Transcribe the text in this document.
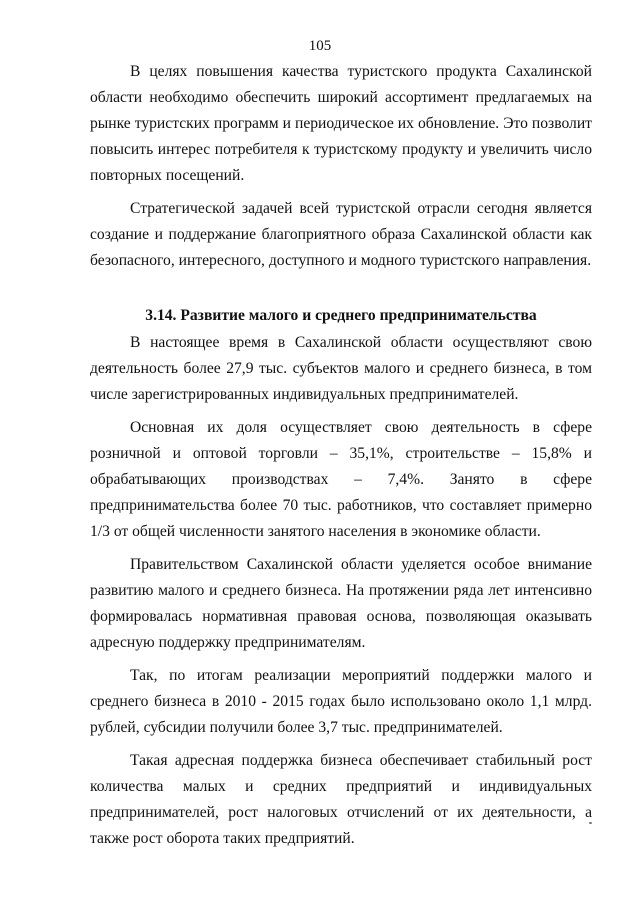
105

В целях повышения качества туристского продукта Сахалинской области необходимо обеспечить широкий ассортимент предлагаемых на рынке туристских программ и периодическое их обновление. Это позволит повысить интерес потребителя к туристскому продукту и увеличить число повторных посещений.

Стратегической задачей всей туристской отрасли сегодня является создание и поддержание благоприятного образа Сахалинской области как безопасного, интересного, доступного и модного туристского направления.

3.14. Развитие малого и среднего предпринимательства

В настоящее время в Сахалинской области осуществляют свою деятельность более 27,9 тыс. субъектов малого и среднего бизнеса, в том числе зарегистрированных индивидуальных предпринимателей.

Основная их доля осуществляет свою деятельность в сфере розничной и оптовой торговли – 35,1%, строительстве – 15,8% и обрабатывающих производствах – 7,4%. Занято в сфере предпринимательства более 70 тыс. работников, что составляет примерно 1/3 от общей численности занятого населения в экономике области.

Правительством Сахалинской области уделяется особое внимание развитию малого и среднего бизнеса. На протяжении ряда лет интенсивно формировалась нормативная правовая основа, позволяющая оказывать адресную поддержку предпринимателям.

Так, по итогам реализации мероприятий поддержки малого и среднего бизнеса в 2010 - 2015 годах было использовано около 1,1 млрд. рублей, субсидии получили более 3,7 тыс. предпринимателей.

Такая адресная поддержка бизнеса обеспечивает стабильный рост количества малых и средних предприятий и индивидуальных предпринимателей, рост налоговых отчислений от их деятельности, а также рост оборота таких предприятий.
